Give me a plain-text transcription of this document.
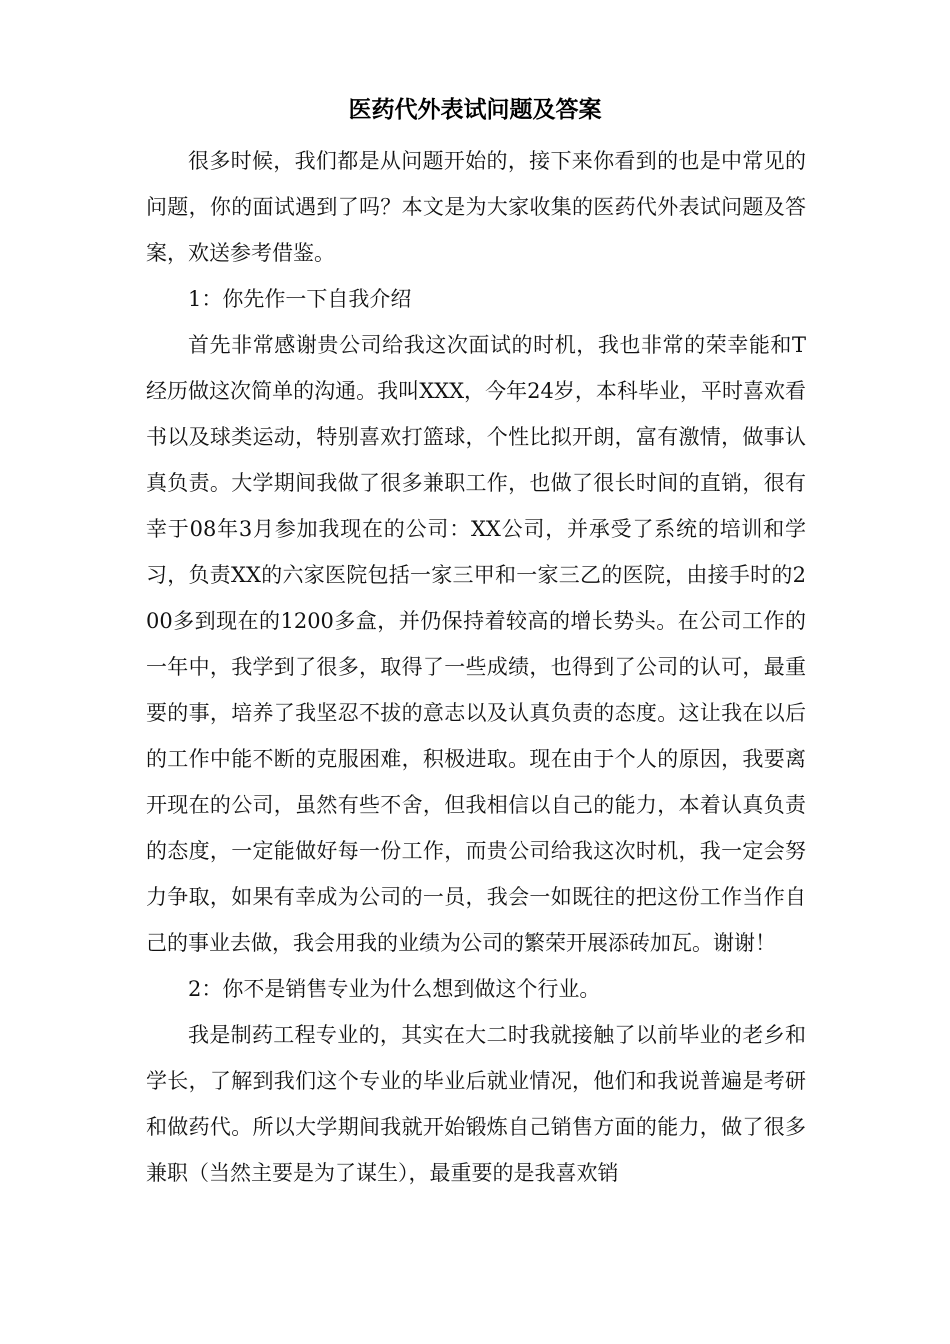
医药代外表试问题及答案

很多时候，我们都是从问题开始的，接下来你看到的也是中常见的问题，你的面试遇到了吗？本文是为大家收集的医药代外表试问题及答案，欢送参考借鉴。

1：你先作一下自我介绍

首先非常感谢贵公司给我这次面试的时机，我也非常的荣幸能和T经历做这次简单的沟通。我叫XXX，今年24岁，本科毕业，平时喜欢看书以及球类运动，特别喜欢打篮球，个性比拟开朗，富有激情，做事认真负责。大学期间我做了很多兼职工作，也做了很长时间的直销，很有幸于08年3月参加我现在的公司：XX公司，并承受了系统的培训和学习，负责XX的六家医院包括一家三甲和一家三乙的医院，由接手时的200多到现在的1200多盒，并仍保持着较高的增长势头。在公司工作的一年中，我学到了很多，取得了一些成绩，也得到了公司的认可，最重要的事，培养了我坚忍不拔的意志以及认真负责的态度。这让我在以后的工作中能不断的克服困难，积极进取。现在由于个人的原因，我要离开现在的公司，虽然有些不舍，但我相信以自己的能力，本着认真负责的态度，一定能做好每一份工作，而贵公司给我这次时机，我一定会努力争取，如果有幸成为公司的一员，我会一如既往的把这份工作当作自己的事业去做，我会用我的业绩为公司的繁荣开展添砖加瓦。谢谢！

2：你不是销售专业为什么想到做这个行业。

我是制药工程专业的，其实在大二时我就接触了以前毕业的老乡和学长，了解到我们这个专业的毕业后就业情况，他们和我说普遍是考研和做药代。所以大学期间我就开始锻炼自己销售方面的能力，做了很多兼职（当然主要是为了谋生），最重要的是我喜欢销
